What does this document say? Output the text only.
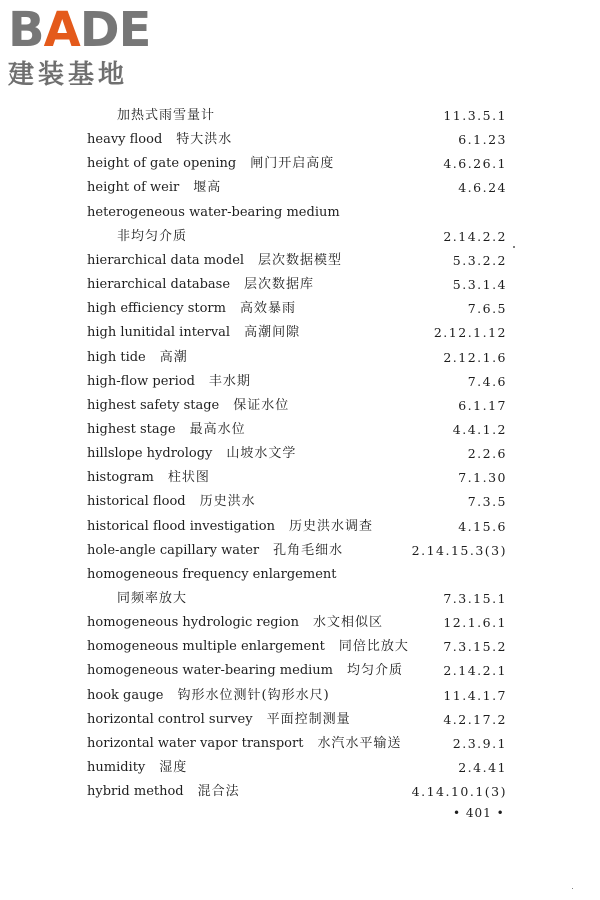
BADE
建装基地
加热式雨雪量计	11.3.5.1
heavy flood 特大洪水	6.1.23
height of gate opening 闸门开启高度	4.6.26.1
height of weir 堰高	4.6.24
heterogeneous water-bearing medium
非均匀介质	2.14.2.2
hierarchical data model 层次数据模型	5.3.2.2
hierarchical database 层次数据库	5.3.1.4
high efficiency storm 高效暴雨	7.6.5
high lunitidal interval 高潮间隙	2.12.1.12
high tide 高潮	2.12.1.6
high-flow period 丰水期	7.4.6
highest safety stage 保证水位	6.1.17
highest stage 最高水位	4.4.1.2
hillslope hydrology 山坡水文学	2.2.6
histogram 柱状图	7.1.30
historical flood 历史洪水	7.3.5
historical flood investigation 历史洪水调查	4.15.6
hole-angle capillary water 孔角毛细水	2.14.15.3(3)
homogeneous frequency enlargement
同频率放大	7.3.15.1
homogeneous hydrologic region 水文相似区	12.1.6.1
homogeneous multiple enlargement 同倍比放大	7.3.15.2
homogeneous water-bearing medium 均匀介质	2.14.2.1
hook gauge 钩形水位测针(钩形水尺)	11.4.1.7
horizontal control survey 平面控制测量	4.2.17.2
horizontal water vapor transport 水汽水平输送	2.3.9.1
humidity 湿度	2.4.41
hybrid method 混合法	4.14.10.1(3)
• 401 •
